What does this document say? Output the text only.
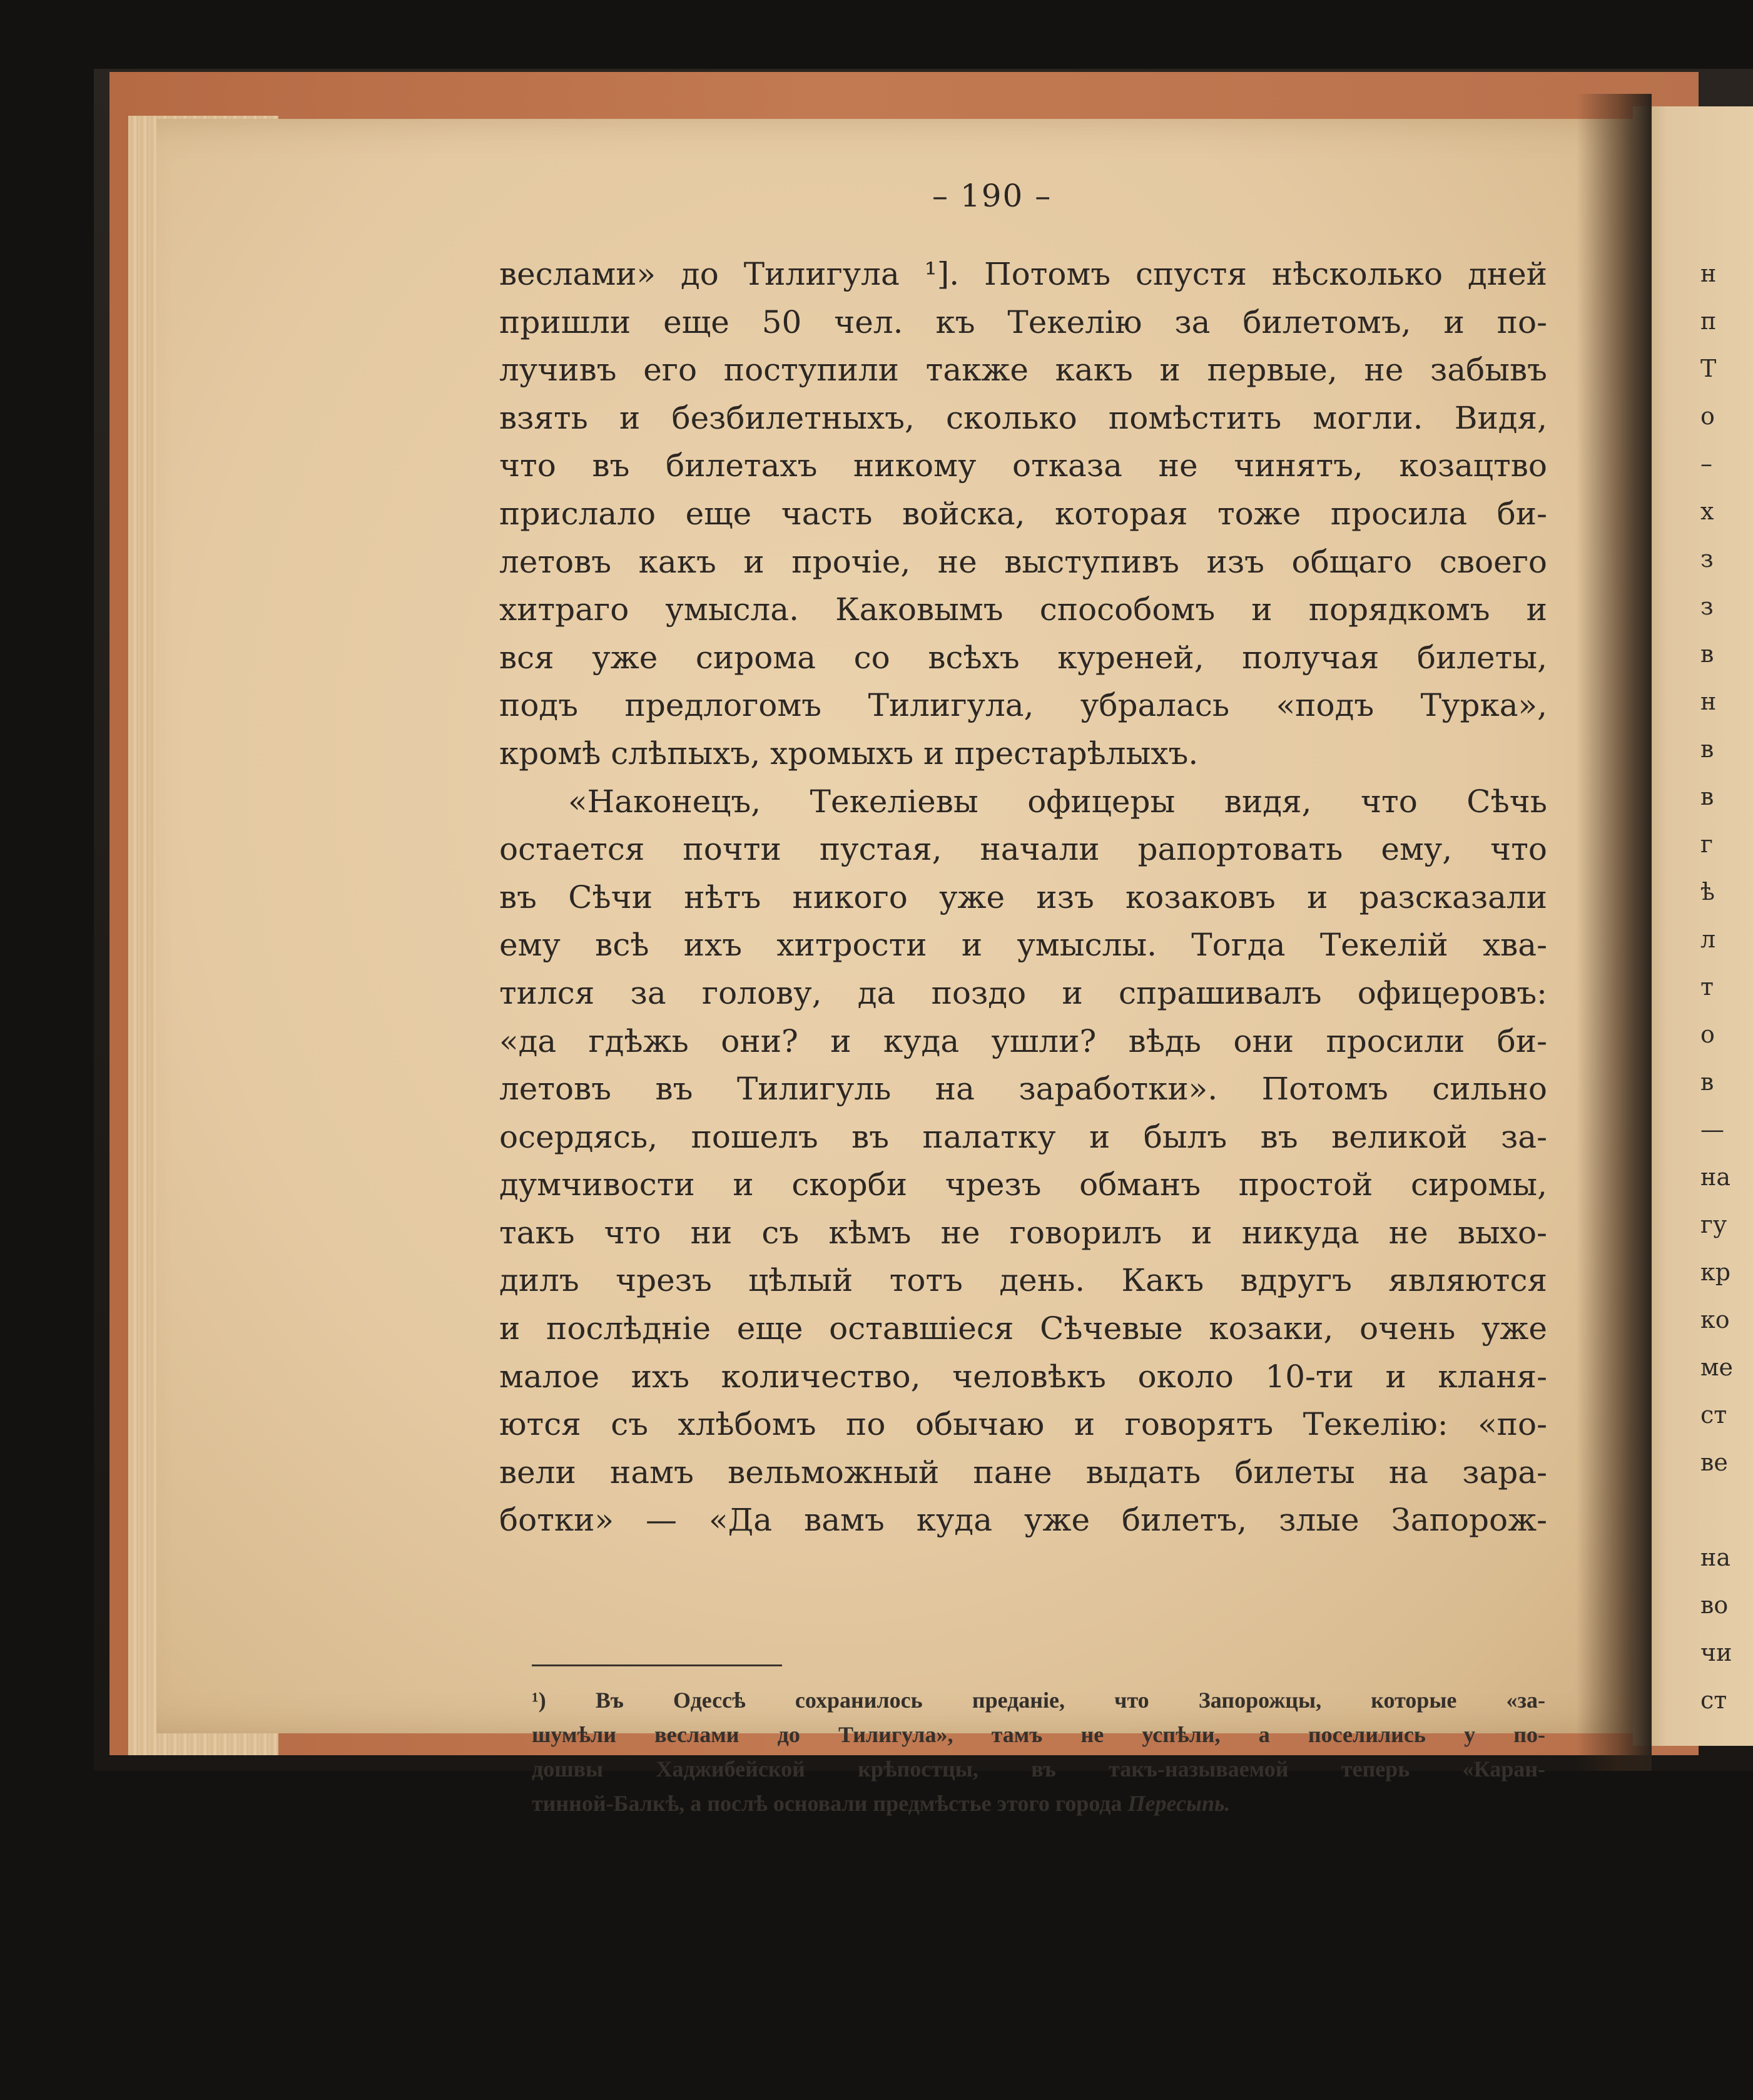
н
п
Т
о
–
х
з
з
в
н
в
в
г
ѣ
л
т
о
в
—
на
гу
кр
ко
ме
ст
ве
на
во
чи
ст
– 190 –
веслами» до Тилигула ¹]. Потомъ спустя нѣсколько дней
пришли еще 50 чел. къ Текелію за билетомъ, и по-
лучивъ его поступили также какъ и первые, не забывъ
взять и безбилетныхъ, сколько помѣстить могли. Видя,
что въ билетахъ никому отказа не чинятъ, козацтво
прислало еще часть войска, которая тоже просила би-
летовъ какъ и прочіе, не выступивъ изъ общаго своего
хитраго умысла. Каковымъ способомъ и порядкомъ и
вся уже сирома со всѣхъ куреней, получая билеты,
подъ предлогомъ Тилигула, убралась «подъ Турка»,
кромѣ слѣпыхъ, хромыхъ и престарѣлыхъ.
«Наконецъ, Текеліевы офицеры видя, что Сѣчь
остается почти пустая, начали рапортовать ему, что
въ Сѣчи нѣтъ никого уже изъ козаковъ и разсказали
ему всѣ ихъ хитрости и умыслы. Тогда Текелій хва-
тился за голову, да поздо и спрашивалъ офицеровъ:
«да гдѣжь они? и куда ушли? вѣдь они просили би-
летовъ въ Тилигуль на заработки». Потомъ сильно
осердясь, пошелъ въ палатку и былъ въ великой за-
думчивости и скорби чрезъ обманъ простой сиромы,
такъ что ни съ кѣмъ не говорилъ и никуда не выхо-
дилъ чрезъ цѣлый тотъ день. Какъ вдругъ являются
и послѣдніе еще оставшіеся Сѣчевые козаки, очень уже
малое ихъ количество, человѣкъ около 10-ти и кланя-
ются съ хлѣбомъ по обычаю и говорятъ Текелію: «по-
вели намъ вельможный пане выдать билеты на зара-
ботки» — «Да вамъ куда уже билетъ, злые Запорож-
¹) Въ Одессѣ сохранилось преданіе, что Запорожцы, которые «за-
шумѣли веслами до Тилигула», тамъ не успѣли, а поселились у по-
дошвы Хаджибейской крѣпостцы, въ такъ-называемой теперь «Каран-
тинной-Балкѣ, а послѣ основали предмѣстье этого города Пересыпь.
